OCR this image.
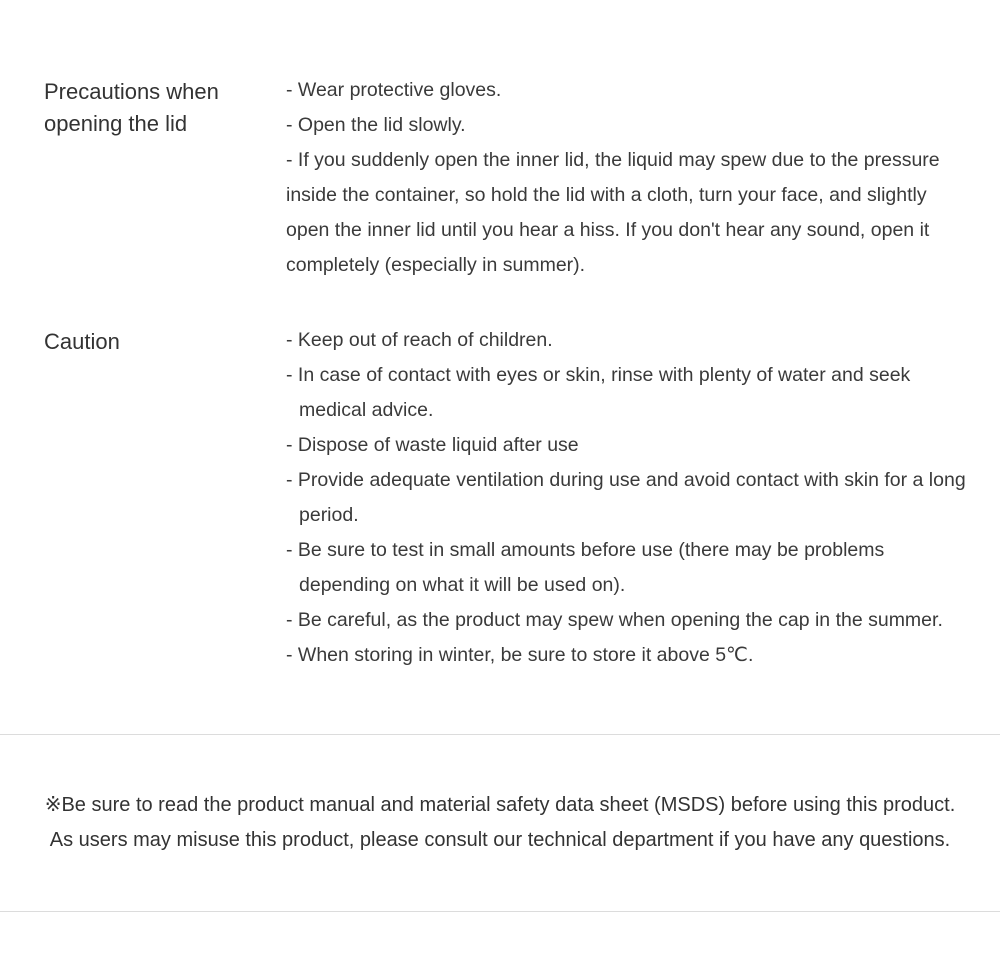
Precautions when opening the lid

- Wear protective gloves.

- Open the lid slowly.

- If you suddenly open the inner lid, the liquid may spew due to the pressure inside the container, so hold the lid with a cloth, turn your face, and slightly open the inner lid until you hear a hiss. If you don't hear any sound, open it completely (especially in summer).

Caution	- Keep out of reach of children.

- In case of contact with eyes or skin, rinse with plenty of water and seek medical advice.

- Dispose of waste liquid after use

- Provide adequate ventilation during use and avoid contact with skin for a long period.

- Be sure to test in small amounts before use (there may be problems depending on what it will be used on).

- Be careful, as the product may spew when opening the cap in the summer.

- When storing in winter, be sure to store it above 5℃.

※Be sure to read the product manual and material safety data sheet (MSDS) before using this product.
As users may misuse this product, please consult our technical department if you have any questions.
